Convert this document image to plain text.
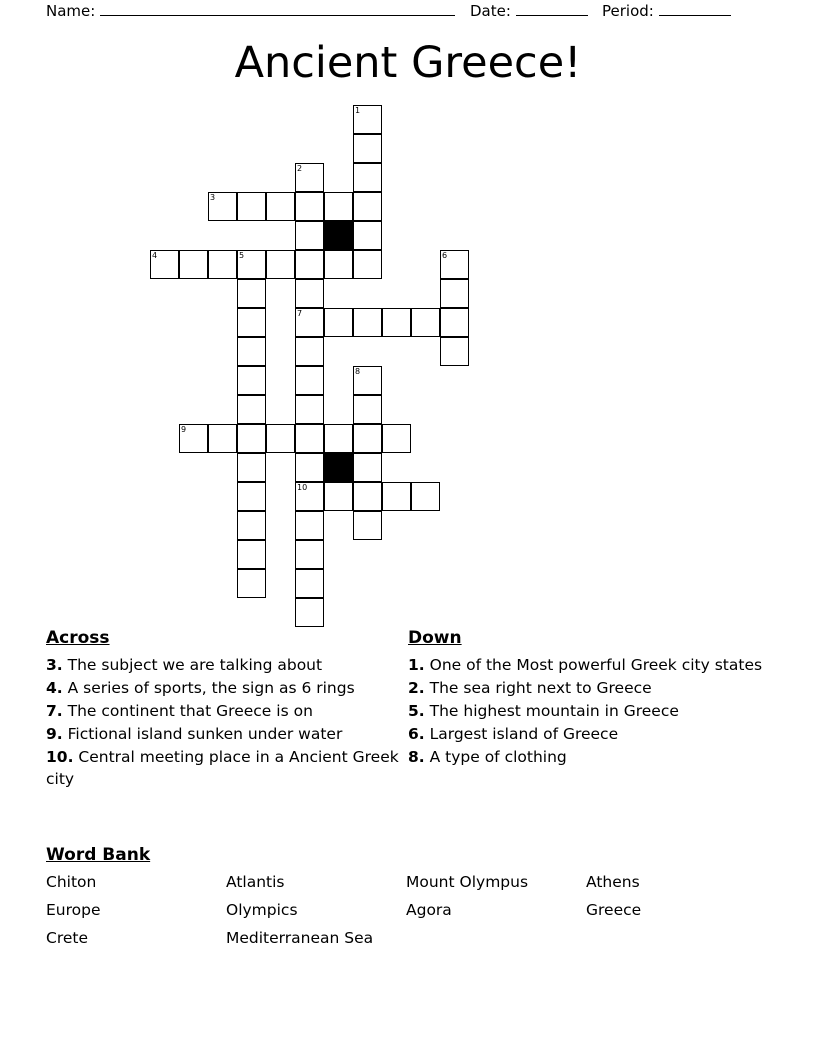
Name:	Date:	Period:
Ancient Greece!
1
2
3
4	5	6
7
8
9
10
Across
3. The subject we are talking about
4. A series of sports, the sign as 6 rings
7. The continent that Greece is on
9. Fictional island sunken under water
10. Central meeting place in a Ancient Greek city
Down
1. One of the Most powerful Greek city states
2. The sea right next to Greece
5. The highest mountain in Greece
6. Largest island of Greece
8. A type of clothing
Word Bank
Chiton	Atlantis	Mount Olympus	Athens
Europe	Olympics	Agora	Greece
Crete	Mediterranean Sea
